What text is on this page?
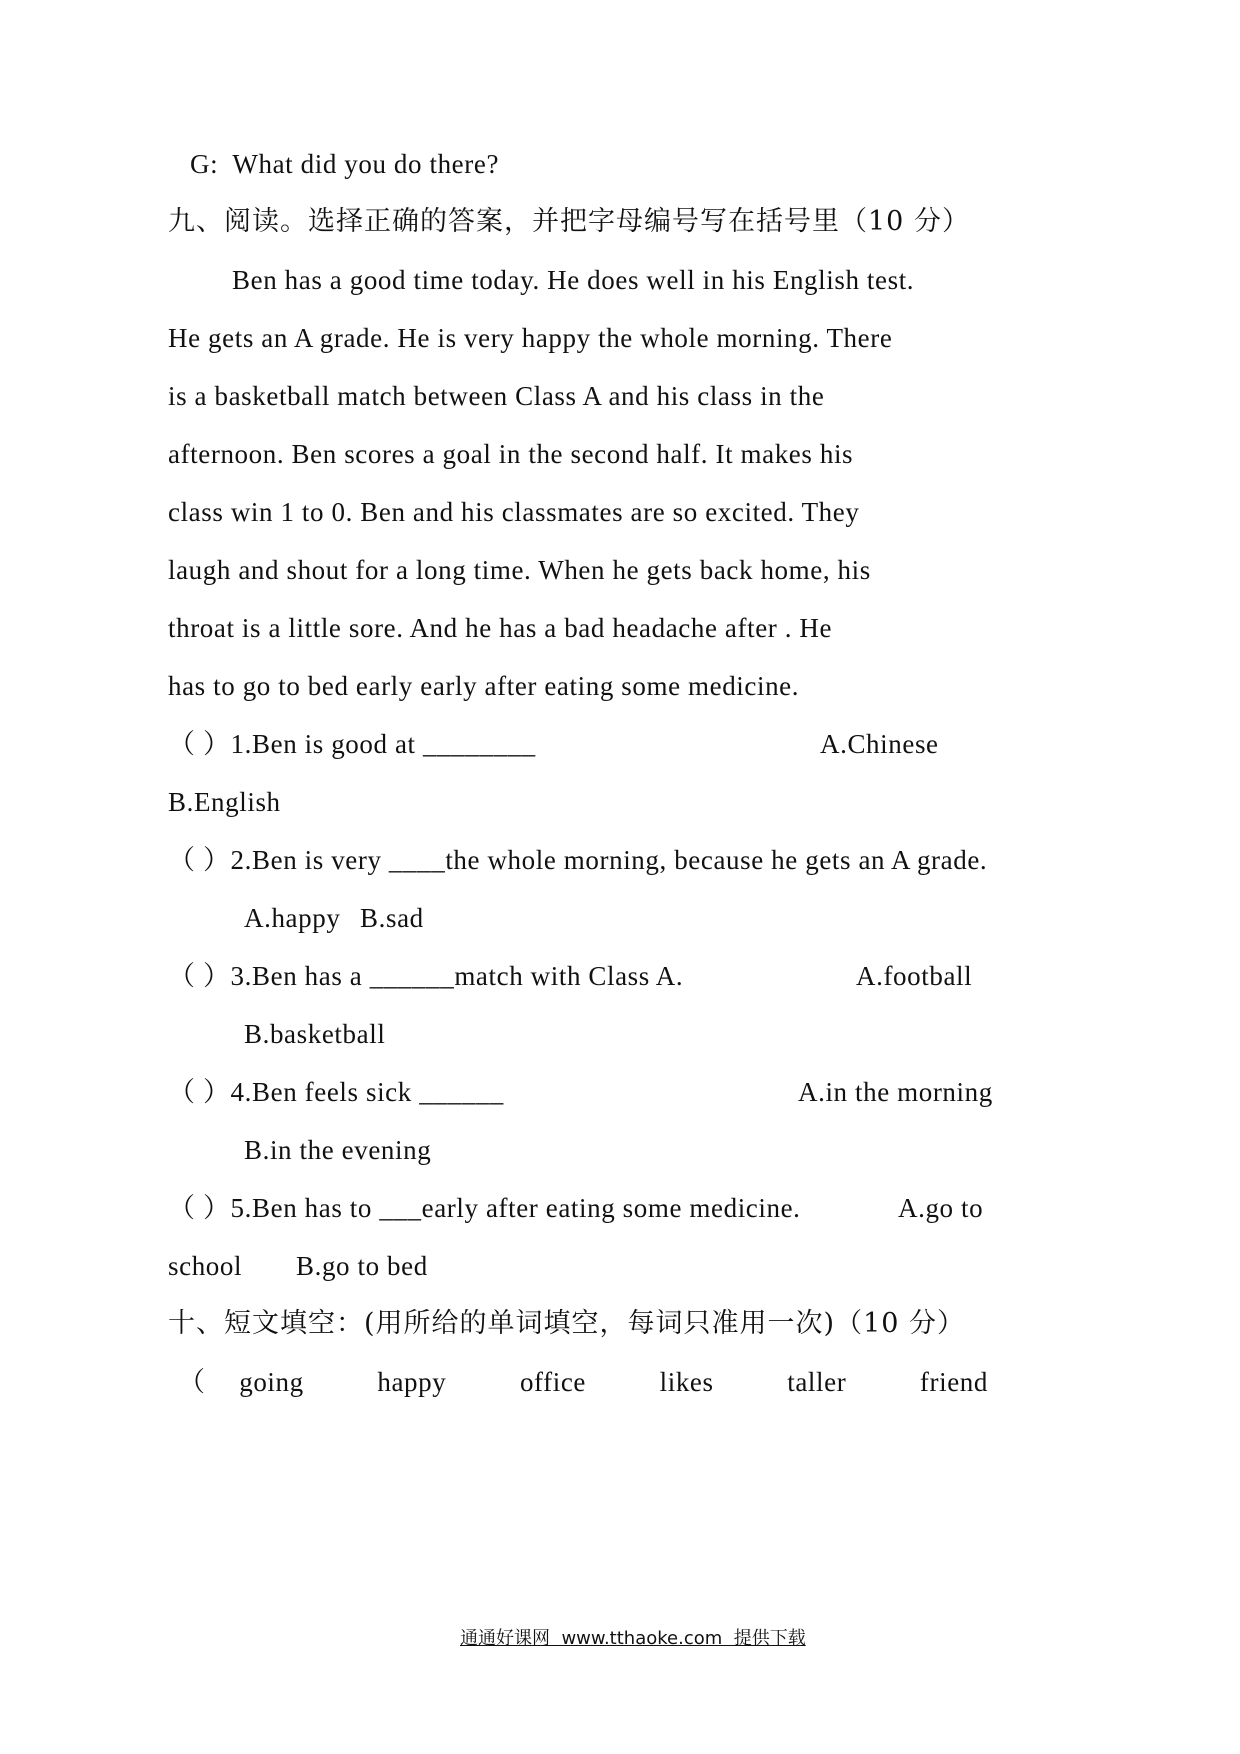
G:  What did you do there?
九、阅读。选择正确的答案，并把字母编号写在括号里（10 分）
Ben has a good time today. He does well in his English test.
He gets an A grade. He is very happy the whole morning. There
is a basketball match between Class A and his class in the
afternoon. Ben scores a goal in the second half. It makes his
class win 1 to 0. Ben and his classmates are so excited. They
laugh and shout for a long time. When he gets back home, his
throat is a little sore. And he has a bad headache after . He
has to go to bed early early after eating some medicine.
（ ）1.Ben is good at ________	A.Chinese
B.English
（ ）2.Ben is very ____the whole morning, because he gets an A grade.
A.happy B.sad
（ ）3.Ben has a ______match with Class A.	A.football
B.basketball
（ ）4.Ben feels sick ______	A.in the morning
B.in the evening
（ ）5.Ben has to ___early after eating some medicine.	A.go to
school B.go to bed
十、短文填空：(用所给的单词填空，每词只准用一次)（10 分）
（ going	happy	office	likes	taller	friend
通通好课网  www.tthaoke.com  提供下载
